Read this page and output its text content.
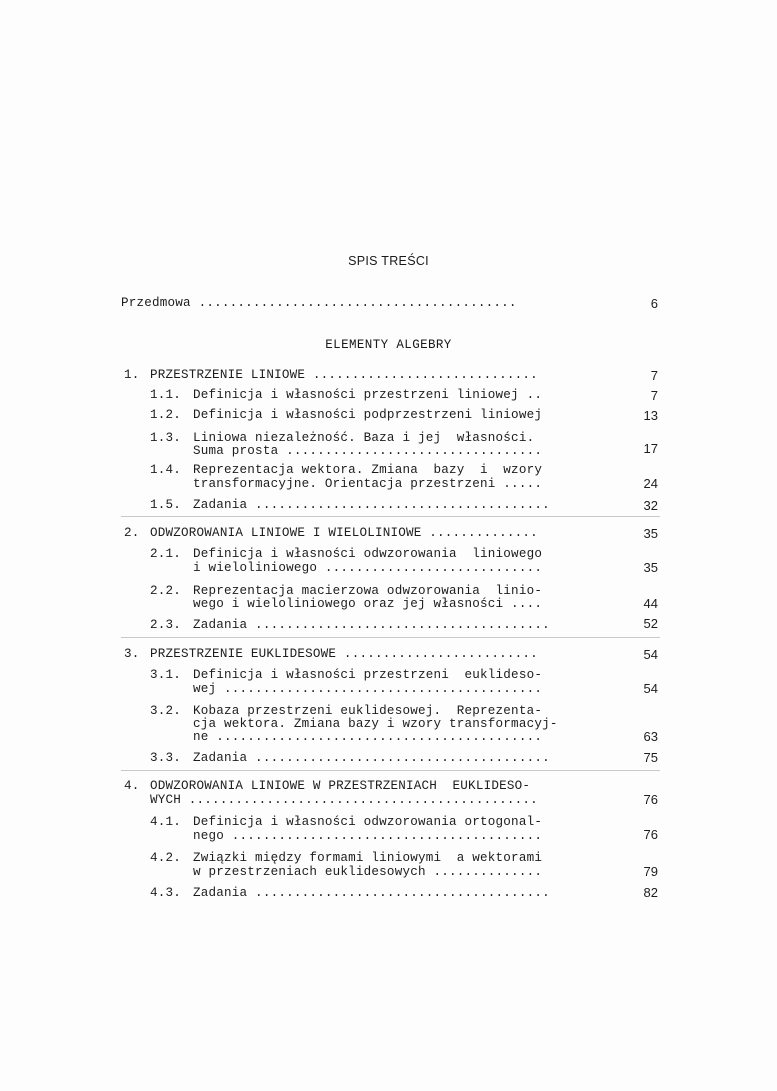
SPIS TREŚCI
Przedmowa .........................................	6
ELEMENTY ALGEBRY
1. PRZESTRZENIE LINIOWE .............................	7
1.1. Definicja i własności przestrzeni liniowej ..	7
1.2. Definicja i własności podprzestrzeni liniowej	13
1.3. Liniowa niezależność. Baza i jej  własności.
Suma prosta .................................	17
1.4. Reprezentacja wektora. Zmiana  bazy  i  wzory
transformacyjne. Orientacja przestrzeni .....	24
1.5. Zadania ......................................	32
2. ODWZOROWANIA LINIOWE I WIELOLINIOWE ..............	35
2.1. Definicja i własności odwzorowania  liniowego
i wieloliniowego ............................	35
2.2. Reprezentacja macierzowa odwzorowania  linio-
wego i wieloliniowego oraz jej własności ....	44
2.3. Zadania ......................................	52
3. PRZESTRZENIE EUKLIDESOWE .........................	54
3.1. Definicja i własności przestrzeni  euklideso-
wej .........................................	54
3.2. Kobaza przestrzeni euklidesowej.  Reprezenta-
cja wektora. Zmiana bazy i wzory transformacyj-
ne ..........................................	63
3.3. Zadania ......................................	75
4. ODWZOROWANIA LINIOWE W PRZESTRZENIACH  EUKLIDESO-
WYCH .............................................	76
4.1. Definicja i własności odwzorowania ortogonal-
nego ........................................	76
4.2. Związki między formami liniowymi  a wektorami
w przestrzeniach euklidesowych ..............	79
4.3. Zadania ......................................	82
